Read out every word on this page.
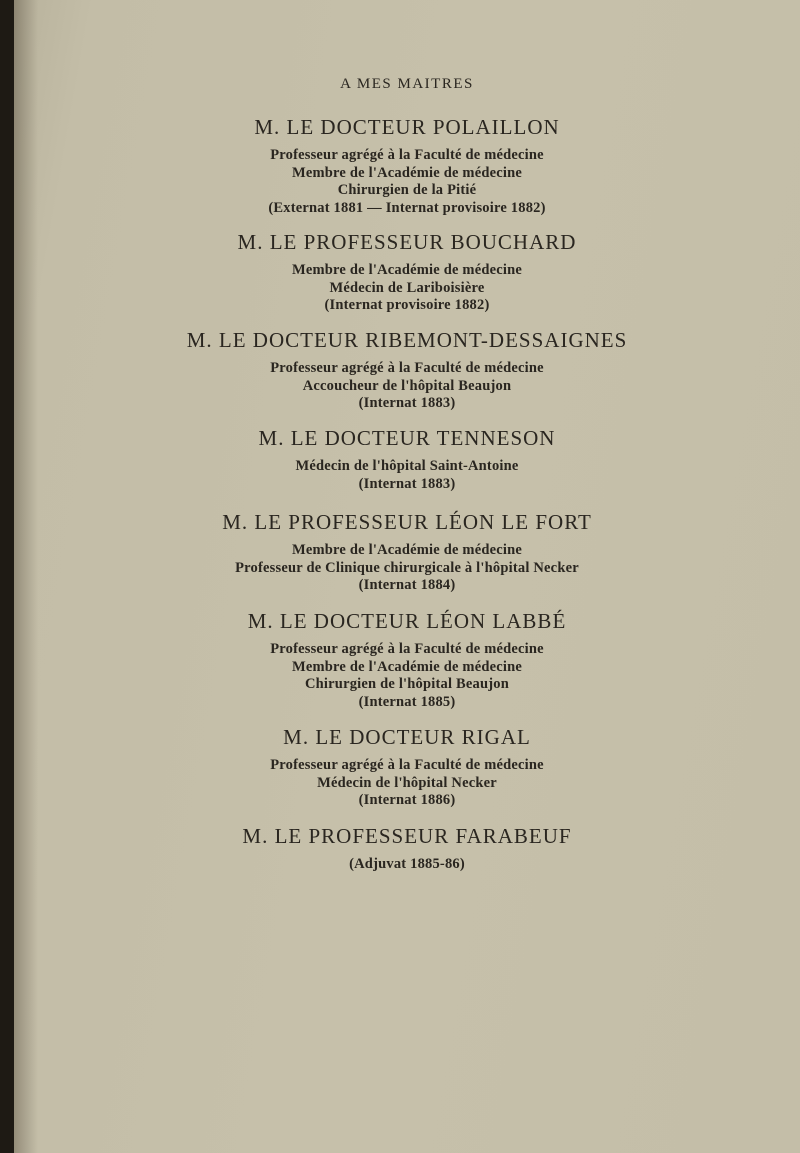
A MES MAITRES
M. LE DOCTEUR POLAILLON
Professeur agrégé à la Faculté de médecine
Membre de l'Académie de médecine
Chirurgien de la Pitié
(Externat 1881 — Internat provisoire 1882)
M. LE PROFESSEUR BOUCHARD
Membre de l'Académie de médecine
Médecin de Lariboisière
(Internat provisoire 1882)
M. LE DOCTEUR RIBEMONT-DESSAIGNES
Professeur agrégé à la Faculté de médecine
Accoucheur de l'hôpital Beaujon
(Internat 1883)
M. LE DOCTEUR TENNESON
Médecin de l'hôpital Saint-Antoine
(Internat 1883)
M. LE PROFESSEUR LÉON LE FORT
Membre de l'Académie de médecine
Professeur de Clinique chirurgicale à l'hôpital Necker
(Internat 1884)
M. LE DOCTEUR LÉON LABBÉ
Professeur agrégé à la Faculté de médecine
Membre de l'Académie de médecine
Chirurgien de l'hôpital Beaujon
(Internat 1885)
M. LE DOCTEUR RIGAL
Professeur agrégé à la Faculté de médecine
Médecin de l'hôpital Necker
(Internat 1886)
M. LE PROFESSEUR FARABEUF
(Adjuvat 1885-86)
